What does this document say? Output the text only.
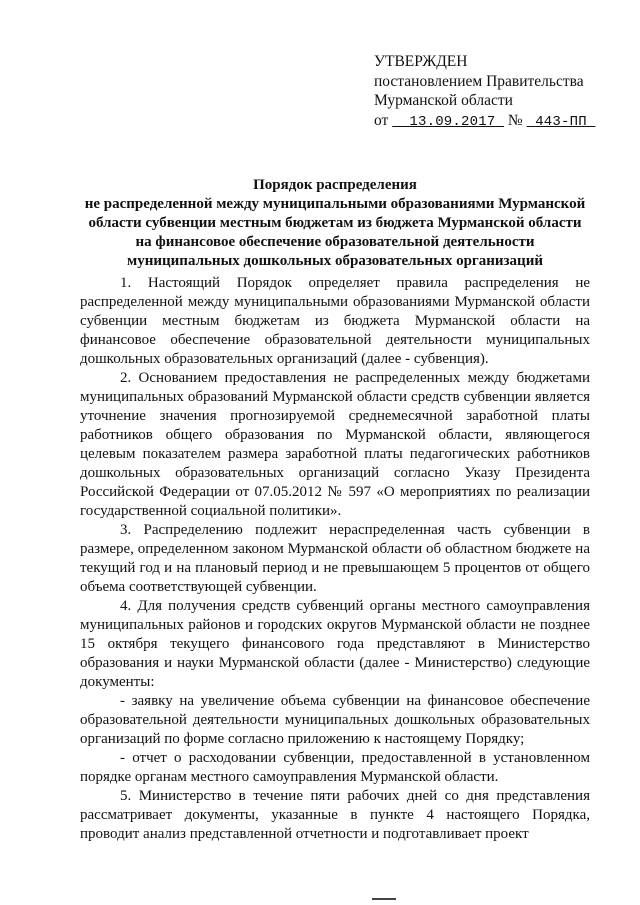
УТВЕРЖДЕН
постановлением Правительства
Мурманской области
от 13.09.2017 № 443-ПП
Порядок распределения
не распределенной между муниципальными образованиями Мурманской
области субвенции местным бюджетам из бюджета Мурманской области
на финансовое обеспечение образовательной деятельности
муниципальных дошкольных образовательных организаций

1. Настоящий Порядок определяет правила распределения не распределенной между муниципальными образованиями Мурманской области субвенции местным бюджетам из бюджета Мурманской области на финансовое обеспечение образовательной деятельности муниципальных дошкольных образовательных организаций (далее - субвенция).

2. Основанием предоставления не распределенных между бюджетами муниципальных образований Мурманской области средств субвенции является уточнение значения прогнозируемой среднемесячной заработной платы работников общего образования по Мурманской области, являющегося целевым показателем размера заработной платы педагогических работников дошкольных образовательных организаций согласно Указу Президента Российской Федерации от 07.05.2012 № 597 «О мероприятиях по реализации государственной социальной политики».

3. Распределению подлежит нераспределенная часть субвенции в размере, определенном законом Мурманской области об областном бюджете на текущий год и на плановый период и не превышающем 5 процентов от общего объема соответствующей субвенции.

4. Для получения средств субвенций органы местного самоуправления муниципальных районов и городских округов Мурманской области не позднее 15 октября текущего финансового года представляют в Министерство образования и науки Мурманской области (далее - Министерство) следующие документы:

- заявку на увеличение объема субвенции на финансовое обеспечение образовательной деятельности муниципальных дошкольных образовательных организаций по форме согласно приложению к настоящему Порядку;

- отчет о расходовании субвенции, предоставленной в установленном порядке органам местного самоуправления Мурманской области.

5. Министерство в течение пяти рабочих дней со дня представления рассматривает документы, указанные в пункте 4 настоящего Порядка, проводит анализ представленной отчетности и подготавливает проект
